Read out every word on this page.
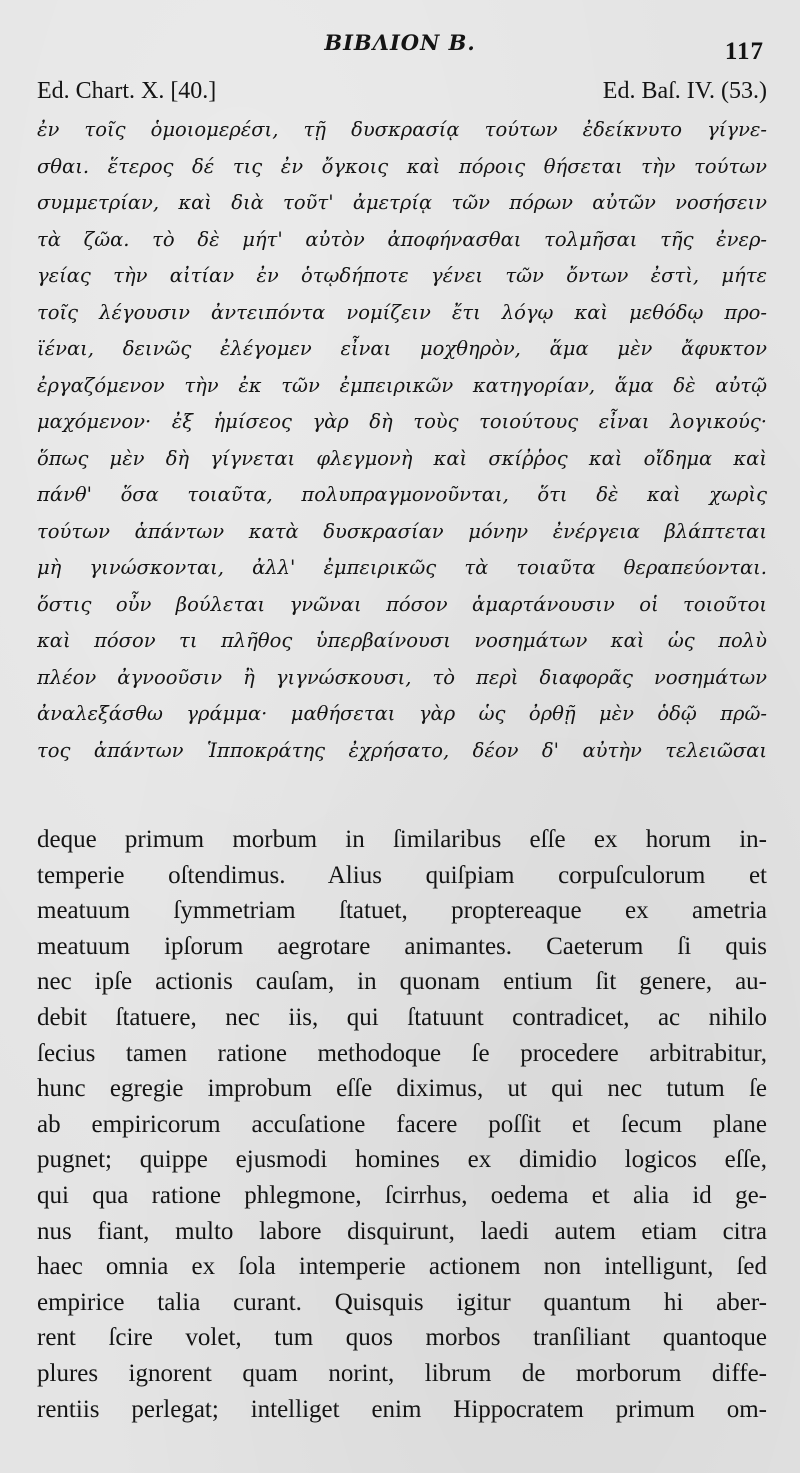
ΒΙΒΛΙΟΝ Β.	117
Ed. Chart. X. [40.]	Ed. Baſ. IV. (53.)
ἐν τοῖς ὁμοιομερέσι, τῇ δυσκρασίᾳ τούτων ἐδείκνυτο γίγνε-
σθαι. ἕτερος δέ τις ἐν ὄγκοις καὶ πόροις θήσεται τὴν τούτων
συμμετρίαν, καὶ διὰ τοῦτ' ἀμετρίᾳ τῶν πόρων αὐτῶν νοσήσειν
τὰ ζῶα. τὸ δὲ μήτ' αὐτὸν ἀποφήνασθαι τολμῆσαι τῆς ἐνερ-
γείας τὴν αἰτίαν ἐν ὁτῳδήποτε γένει τῶν ὄντων ἐστὶ, μήτε
τοῖς λέγουσιν ἀντειπόντα νομίζειν ἔτι λόγῳ καὶ μεθόδῳ προ-
ϊέναι, δεινῶς ἐλέγομεν εἶναι μοχθηρὸν, ἅμα μὲν ἄφυκτον
ἐργαζόμενον τὴν ἐκ τῶν ἐμπειρικῶν κατηγορίαν, ἅμα δὲ αὐτῷ
μαχόμενον· ἐξ ἡμίσεος γὰρ δὴ τοὺς τοιούτους εἶναι λογικούς·
ὅπως μὲν δὴ γίγνεται φλεγμονὴ καὶ σκίῤῥος καὶ οἴδημα καὶ
πάνθ' ὅσα τοιαῦτα, πολυπραγμονοῦνται, ὅτι δὲ καὶ χωρὶς
τούτων ἁπάντων κατὰ δυσκρασίαν μόνην ἐνέργεια βλάπτεται
μὴ γινώσκονται, ἀλλ' ἐμπειρικῶς τὰ τοιαῦτα θεραπεύονται.
ὅστις οὖν βούλεται γνῶναι πόσον ἁμαρτάνουσιν οἱ τοιοῦτοι
καὶ πόσον τι πλῆθος ὑπερβαίνουσι νοσημάτων καὶ ὡς πολὺ
πλέον ἀγνοοῦσιν ἢ γιγνώσκουσι, τὸ περὶ διαφορᾶς νοσημάτων
ἀναλεξάσθω γράμμα· μαθήσεται γὰρ ὡς ὀρθῇ μὲν ὁδῷ πρῶ-
τος ἁπάντων Ἱπποκράτης ἐχρήσατο, δέον δ' αὐτὴν τελειῶσαι
deque primum morbum in ſimilaribus eſſe ex horum in-
temperie oſtendimus. Alius quiſpiam corpuſculorum et
meatuum ſymmetriam ſtatuet, proptereaque ex ametria
meatuum ipſorum aegrotare animantes. Caeterum ſi quis
nec ipſe actionis cauſam, in quonam entium ſit genere, au-
debit ſtatuere, nec iis, qui ſtatuunt contradicet, ac nihilo
ſecius tamen ratione methodoque ſe procedere arbitrabitur,
hunc egregie improbum eſſe diximus, ut qui nec tutum ſe
ab empiricorum accuſatione facere poſſit et ſecum plane
pugnet; quippe ejusmodi homines ex dimidio logicos eſſe,
qui qua ratione phlegmone, ſcirrhus, oedema et alia id ge-
nus fiant, multo labore disquirunt, laedi autem etiam citra
haec omnia ex ſola intemperie actionem non intelligunt, ſed
empirice talia curant. Quisquis igitur quantum hi aber-
rent ſcire volet, tum quos morbos tranſiliant quantoque
plures ignorent quam norint, librum de morborum diffe-
rentiis perlegat; intelliget enim Hippocratem primum om-
